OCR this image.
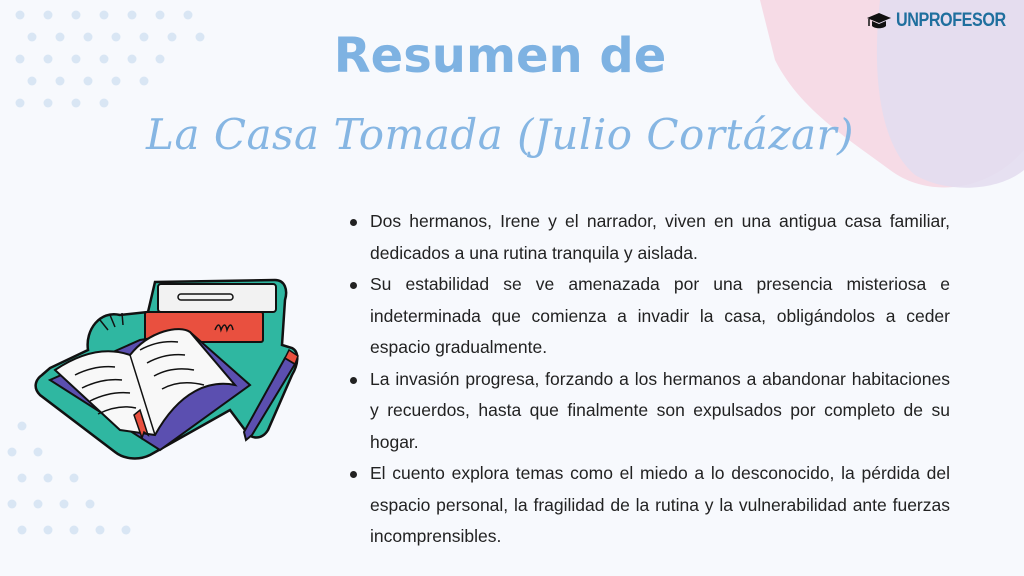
UNPROFESOR
Resumen de
La Casa Tomada (Julio Cortázar)
Dos hermanos, Irene y el narrador, viven en una antigua casa familiar, dedicados a una rutina tranquila y aislada.
Su estabilidad se ve amenazada por una presencia misteriosa e indeterminada que comienza a invadir la casa, obligándolos a ceder espacio gradualmente.
La invasión progresa, forzando a los hermanos a abandonar habitaciones y recuerdos, hasta que finalmente son expulsados por completo de su hogar.
El cuento explora temas como el miedo a lo desconocido, la pérdida del espacio personal, la fragilidad de la rutina y la vulnerabilidad ante fuerzas incomprensibles.
